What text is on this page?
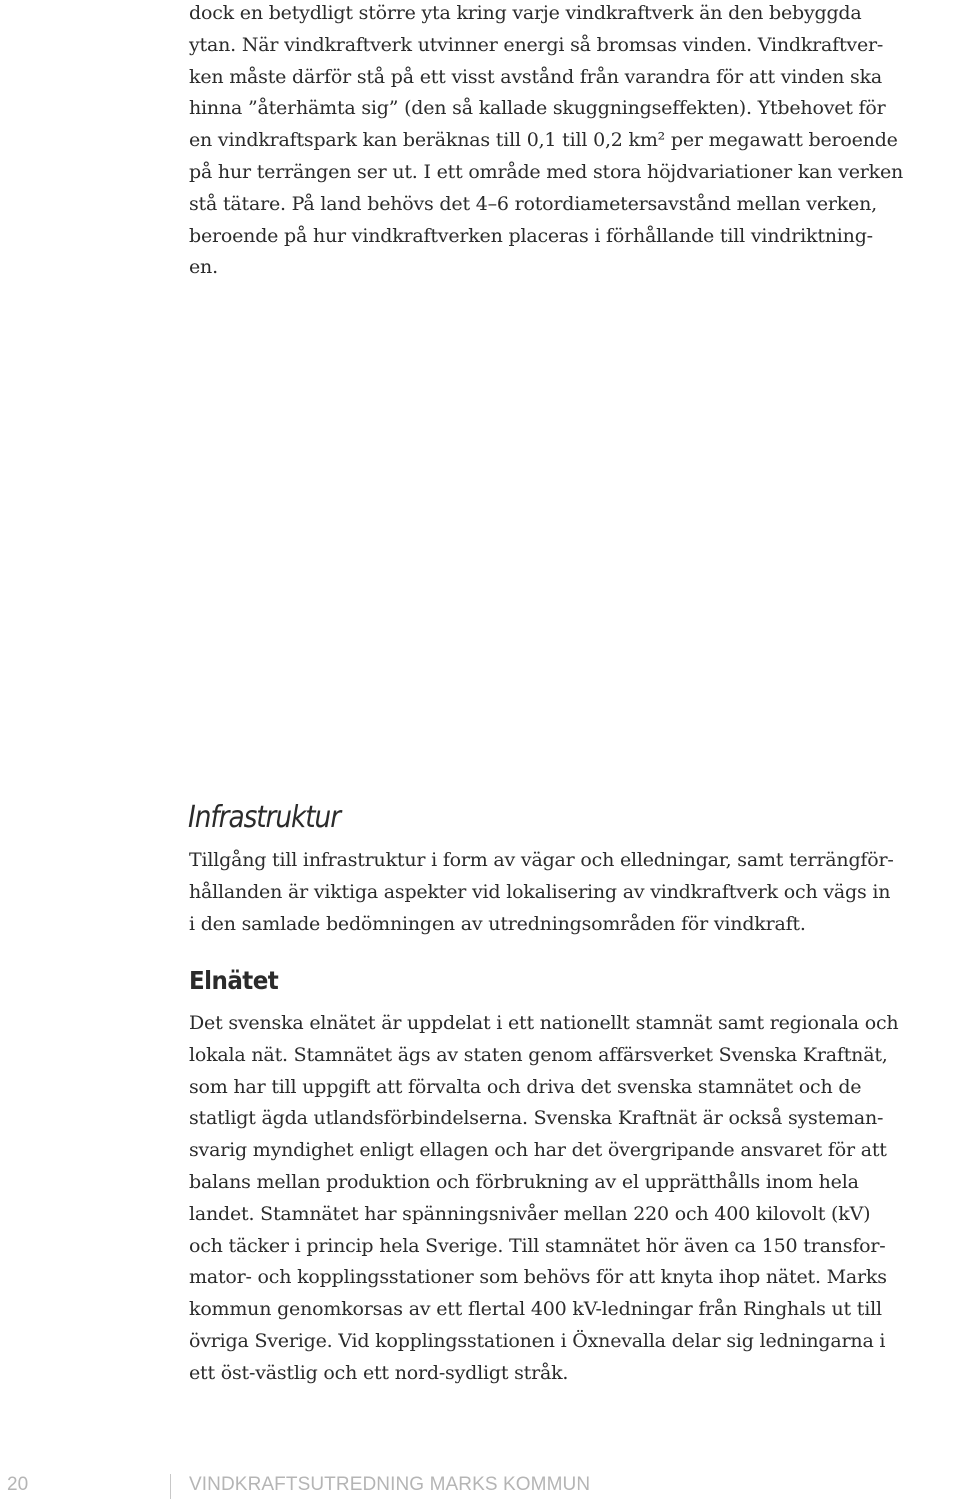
dock en betydligt större yta kring varje vindkraftverk än den bebyggda
ytan. När vindkraftverk utvinner energi så bromsas vinden. Vindkraftver-
ken måste därför stå på ett visst avstånd från varandra för att vinden ska
hinna ”återhämta sig” (den så kallade skuggningseffekten). Ytbehovet för
en vindkraftspark kan beräknas till 0,1 till 0,2 km² per megawatt beroende
på hur terrängen ser ut. I ett område med stora höjdvariationer kan verken
stå tätare. På land behövs det 4–6 rotordiametersavstånd mellan verken,
beroende på hur vindkraftverken placeras i förhållande till vindriktning-
en.
Infrastruktur
Tillgång till infrastruktur i form av vägar och elledningar, samt terrängför-
hållanden är viktiga aspekter vid lokalisering av vindkraftverk och vägs in
i den samlade bedömningen av utredningsområden för vindkraft.
Elnätet
Det svenska elnätet är uppdelat i ett nationellt stamnät samt regionala och
lokala nät. Stamnätet ägs av staten genom affärsverket Svenska Kraftnät,
som har till uppgift att förvalta och driva det svenska stamnätet och de
statligt ägda utlandsförbindelserna. Svenska Kraftnät är också systeman-
svarig myndighet enligt ellagen och har det övergripande ansvaret för att
balans mellan produktion och förbrukning av el upprätthålls inom hela
landet. Stamnätet har spänningsnivåer mellan 220 och 400 kilovolt (kV)
och täcker i princip hela Sverige. Till stamnätet hör även ca 150 transfor-
mator- och kopplingsstationer som behövs för att knyta ihop nätet. Marks
kommun genomkorsas av ett flertal 400 kV-ledningar från Ringhals ut till
övriga Sverige. Vid kopplingsstationen i Öxnevalla delar sig ledningarna i
ett öst-västlig och ett nord-sydligt stråk.
20	VINDKRAFTSUTREDNING MARKS KOMMUN
